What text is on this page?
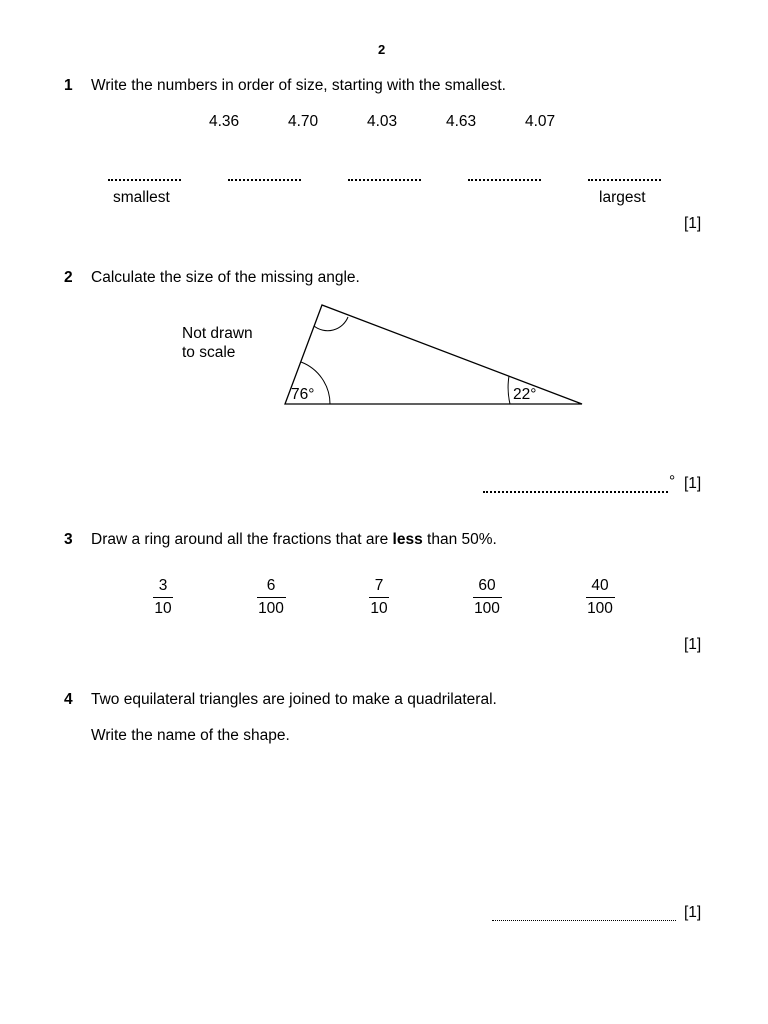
2
1 Write the numbers in order of size, starting with the smallest.
4.36	4.70	4.03	4.63	4.07
smallest	largest
[1]
2 Calculate the size of the missing angle.
Not drawn
to scale
76°	22°
° [1]
3 Draw a ring around all the fractions that are less than 50%.
3
10
6
100
7
10
60
100
40
100
[1]
4 Two equilateral triangles are joined to make a quadrilateral.
Write the name of the shape.
[1]
